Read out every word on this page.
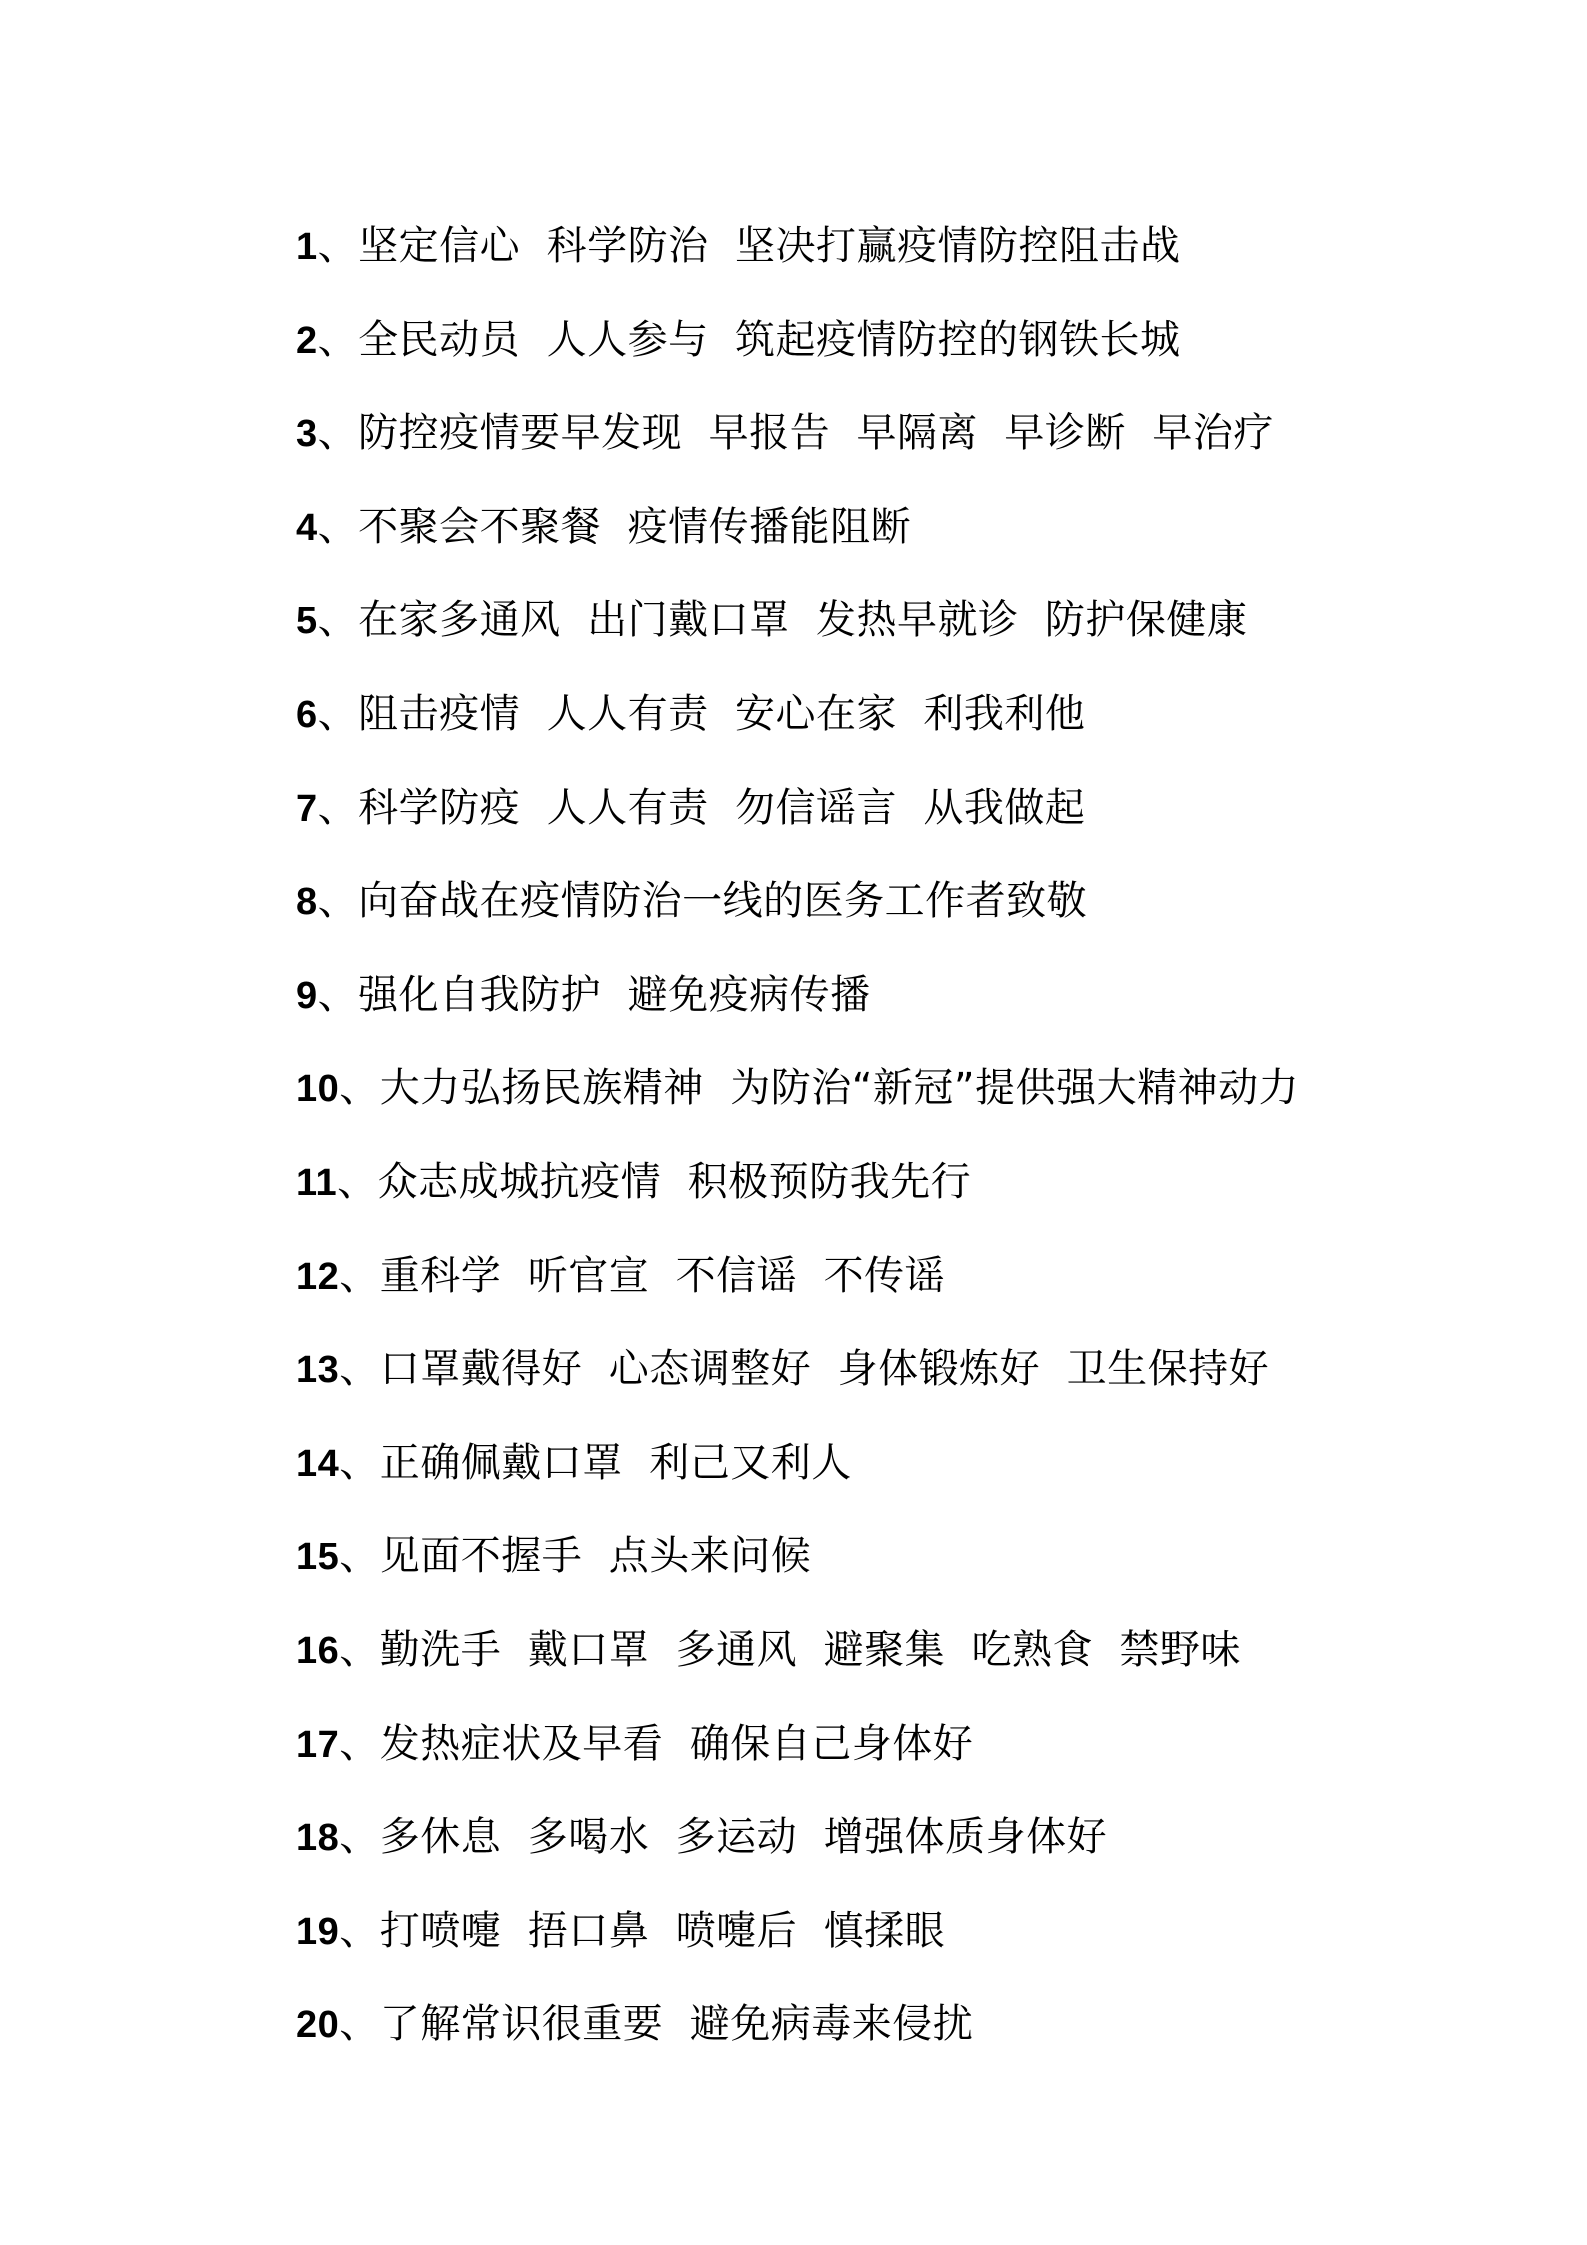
1、坚定信心  科学防治  坚决打赢疫情防控阻击战
2、全民动员  人人参与  筑起疫情防控的钢铁长城
3、防控疫情要早发现  早报告  早隔离  早诊断  早治疗
4、不聚会不聚餐  疫情传播能阻断
5、在家多通风  出门戴口罩  发热早就诊  防护保健康
6、阻击疫情  人人有责  安心在家  利我利他
7、科学防疫  人人有责  勿信谣言  从我做起
8、向奋战在疫情防治一线的医务工作者致敬
9、强化自我防护  避免疫病传播
10、大力弘扬民族精神  为防治“新冠”提供强大精神动力
11、众志成城抗疫情  积极预防我先行
12、重科学  听官宣  不信谣  不传谣
13、口罩戴得好  心态调整好  身体锻炼好  卫生保持好
14、正确佩戴口罩  利己又利人
15、见面不握手  点头来问候
16、勤洗手  戴口罩  多通风  避聚集  吃熟食  禁野味
17、发热症状及早看  确保自己身体好
18、多休息  多喝水  多运动  增强体质身体好
19、打喷嚏  捂口鼻  喷嚏后  慎揉眼
20、了解常识很重要  避免病毒来侵扰
